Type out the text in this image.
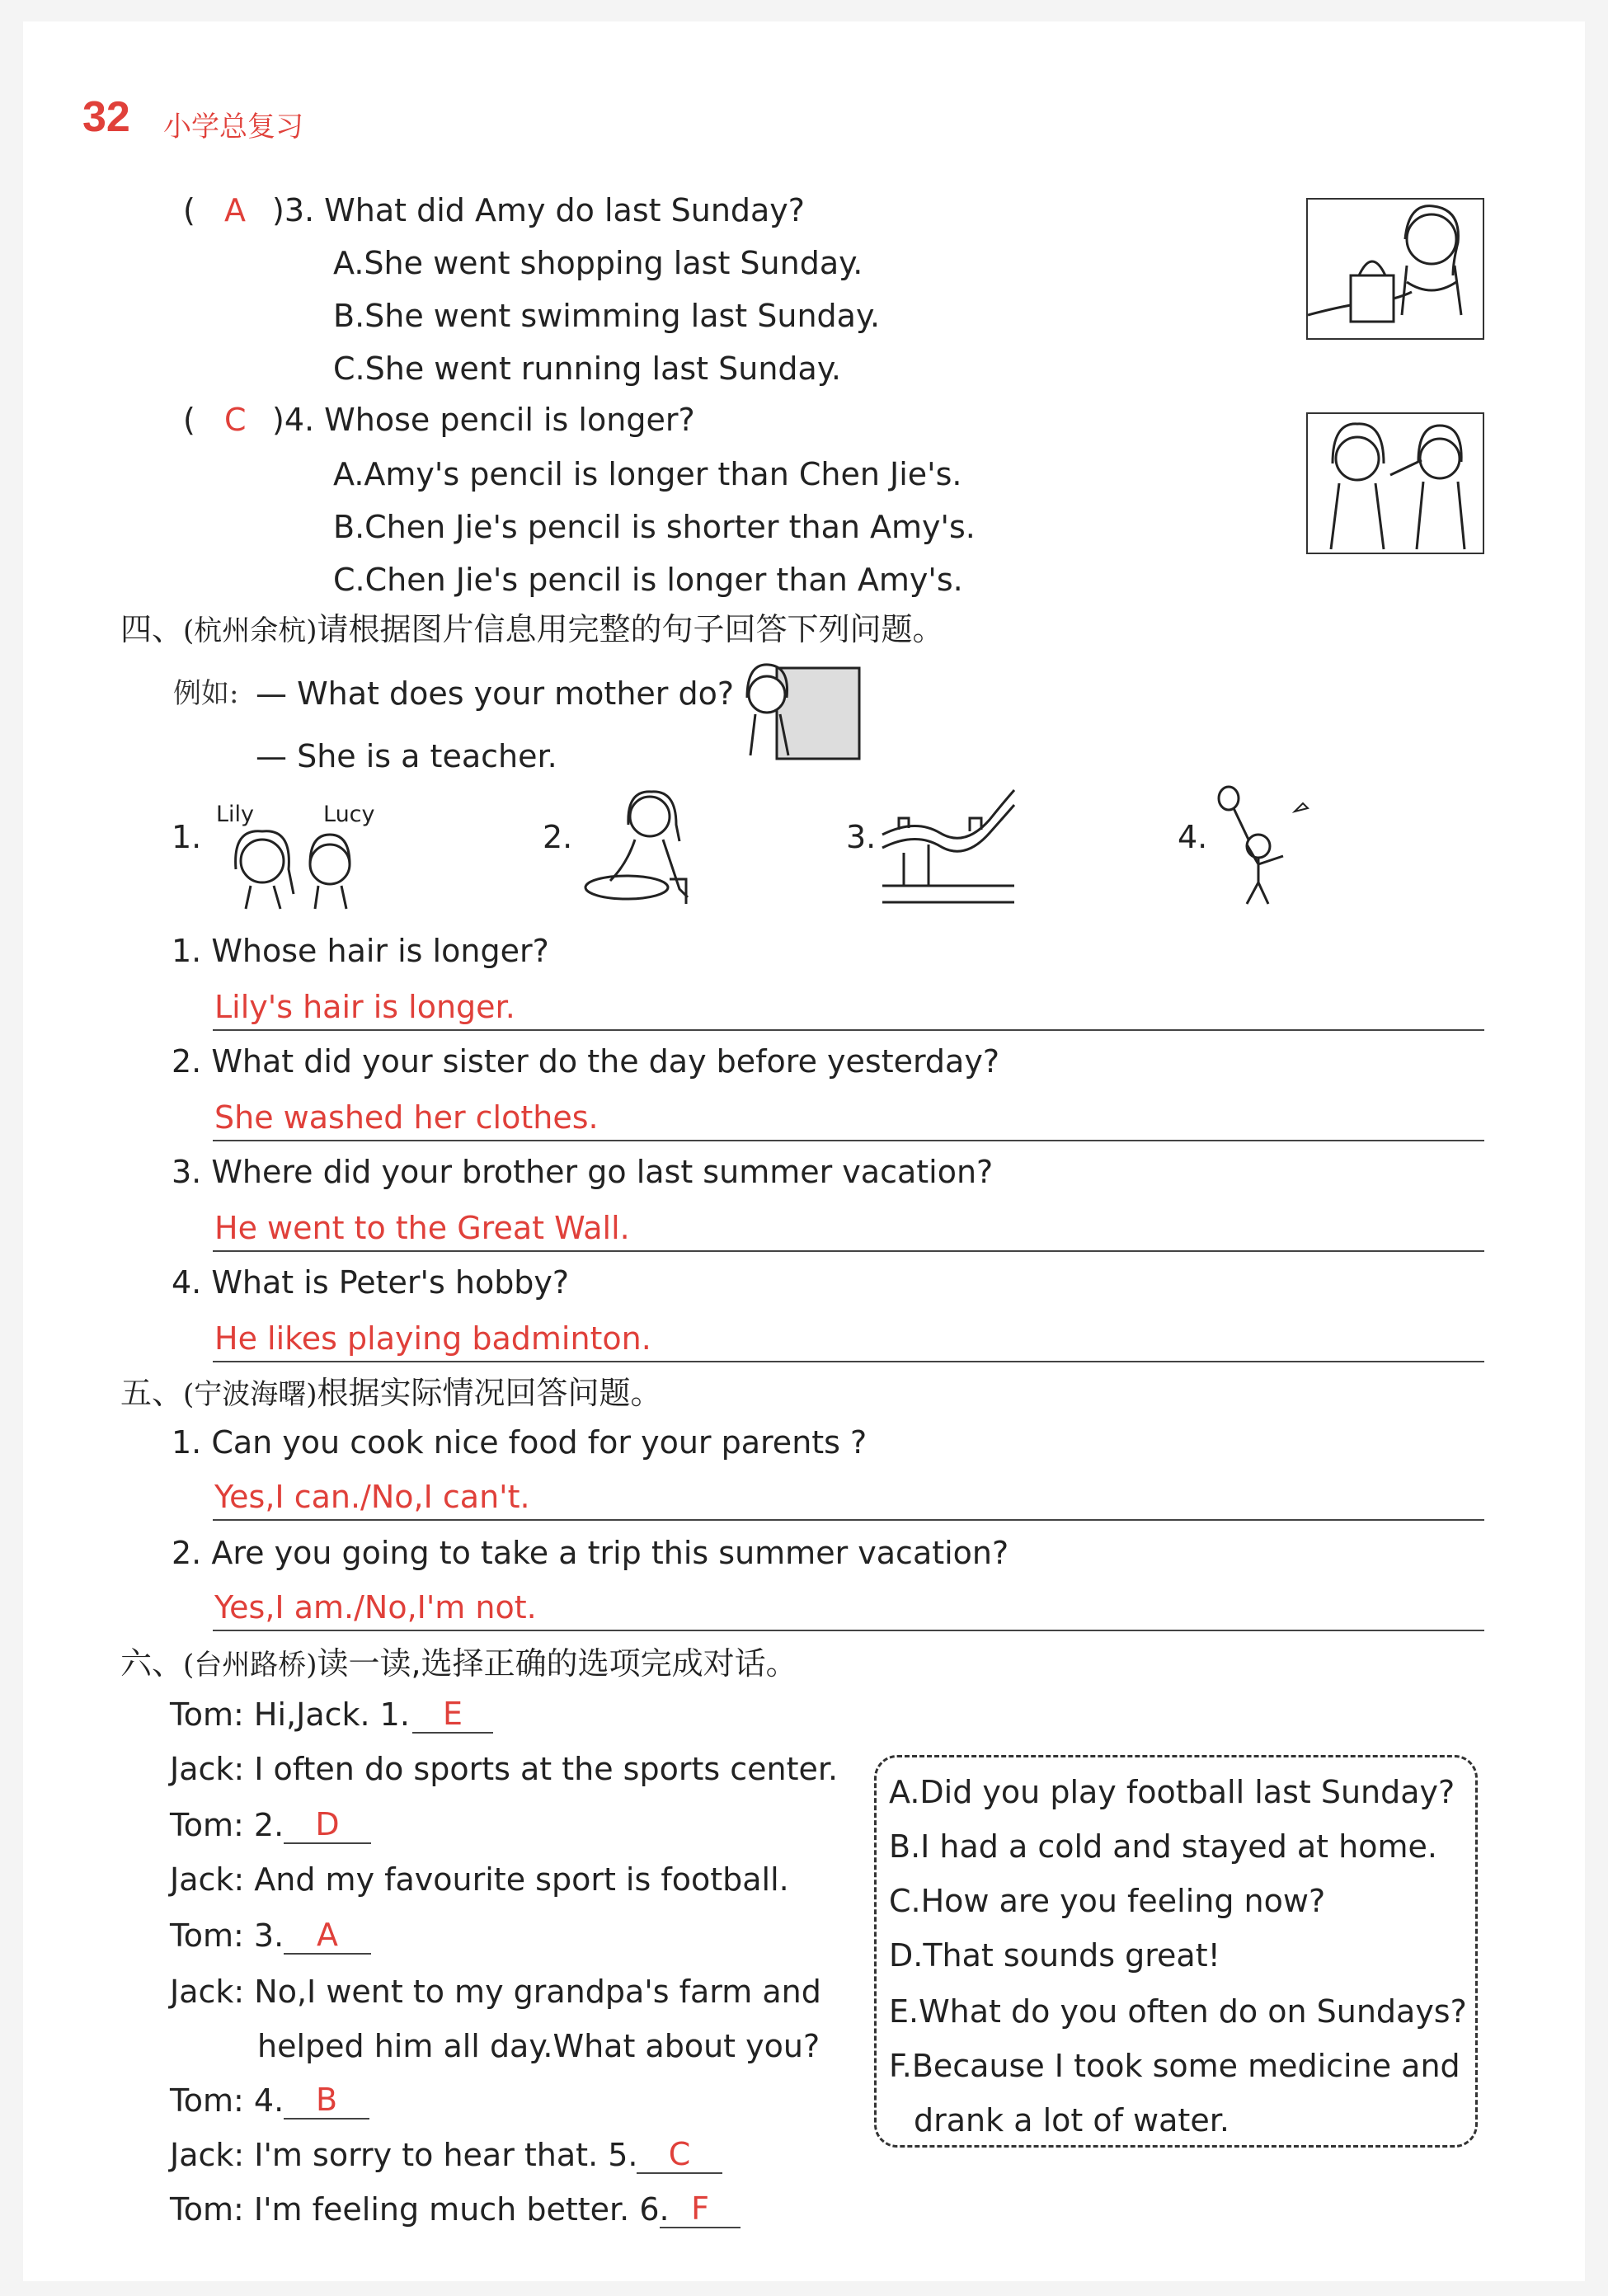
32 小学总复习
( A )3. What did Amy do last Sunday?
A.She went shopping last Sunday.
B.She went swimming last Sunday.
C.She went running last Sunday.
( C )4. Whose pencil is longer?
A.Amy's pencil is longer than Chen Jie's.
B.Chen Jie's pencil is shorter than Amy's.
C.Chen Jie's pencil is longer than Amy's.
四、(杭州余杭)请根据图片信息用完整的句子回答下列问题。
例如: — What does your mother do?
— She is a teacher.
1.
Lily	Lucy
2.	3.	4.
1. Whose hair is longer?
Lily's hair is longer.
2. What did your sister do the day before yesterday?
She washed her clothes.
3. Where did your brother go last summer vacation?
He went to the Great Wall.
4. What is Peter's hobby?
He likes playing badminton.
五、(宁波海曙)根据实际情况回答问题。
1. Can you cook nice food for your parents ?
Yes,I can./No,I can't.
2. Are you going to take a trip this summer vacation?
Yes,I am./No,I'm not.
六、(台州路桥)读一读,选择正确的选项完成对话。
Tom: Hi,Jack. 1.	E
Jack: I often do sports at the sports center.
Tom: 2.	D
Jack: And my favourite sport is football.
Tom: 3.	A
Jack: No,I went to my grandpa's farm and
helped him all day.What about you?
Tom: 4.	B
Jack: I'm sorry to hear that. 5. C
Tom: I'm feeling much better. 6. F
A.Did you play football last Sunday?
B.I had a cold and stayed at home.
C.How are you feeling now?
D.That sounds great!
E.What do you often do on Sundays?
F.Because I took some medicine and
drank a lot of water.
